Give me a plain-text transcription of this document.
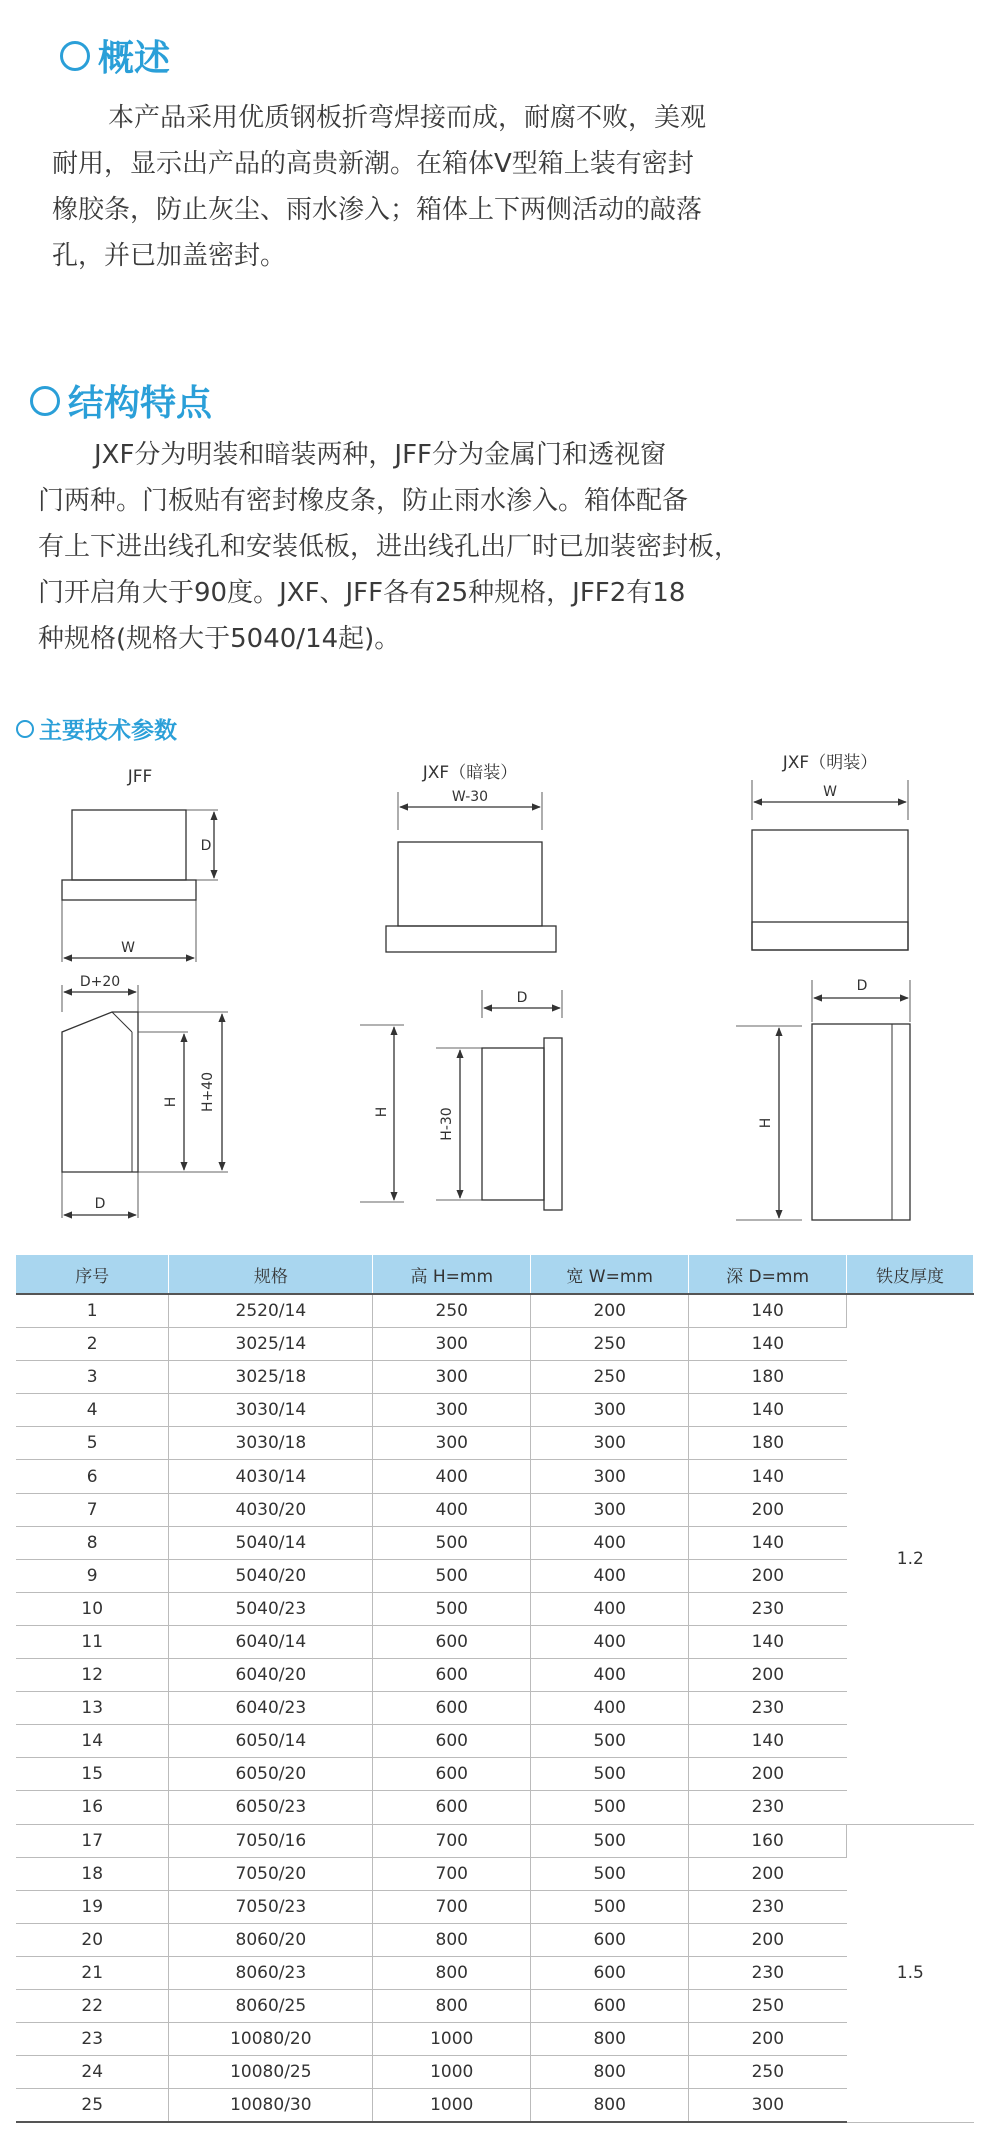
概述
本产品采用优质钢板折弯焊接而成，耐腐不败，美观
耐用，显示出产品的高贵新潮。在箱体V型箱上装有密封
橡胶条，防止灰尘、雨水渗入；箱体上下两侧活动的敲落
孔，并已加盖密封。
结构特点
JXF分为明装和暗装两种，JFF分为金属门和透视窗
门两种。门板贴有密封橡皮条，防止雨水渗入。箱体配备
有上下进出线孔和安装低板，进出线孔出厂时已加装密封板，
门开启角大于90度。JXF、JFF各有25种规格，JFF2有18
种规格(规格大于5040/14起)。
主要技术参数
JFF
D
W
D+20
H H+40
D
JXF（暗装）
W-30
D
H	H-30
JXF（明装）
W
D
H
序号	规格	高 H=mm	宽 W=mm	深 D=mm	铁皮厚度
1	2520/14	250	200	140	1.2
2	3025/14	300	250	140	
3	3025/18	300	250	180	
4	3030/14	300	300	140	
5	3030/18	300	300	180	
6	4030/14	400	300	140	
7	4030/20	400	300	200	
8	5040/14	500	400	140	
9	5040/20	500	400	200	
10	5040/23	500	400	230	
11	6040/14	600	400	140	
12	6040/20	600	400	200	
13	6040/23	600	400	230	
14	6050/14	600	500	140	
15	6050/20	600	500	200	
16	6050/23	600	500	230	
17	7050/16	700	500	160	1.5
18	7050/20	700	500	200	
19	7050/23	700	500	230	
20	8060/20	800	600	200	
21	8060/23	800	600	230	
22	8060/25	800	600	250	
23	10080/20	1000	800	200	
24	10080/25	1000	800	250	
25	10080/30	1000	800	300	
